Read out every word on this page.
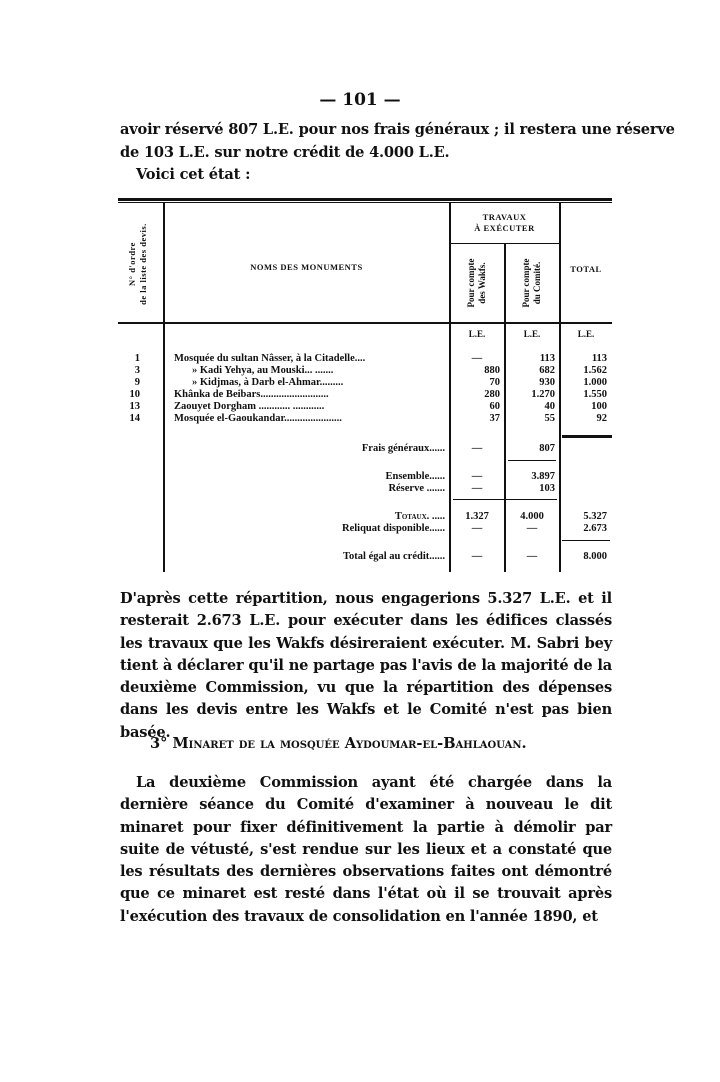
— 101 —
avoir réservé 807 L.E. pour nos frais généraux ; il restera une réserve
de 103 L.E. sur notre crédit de 4.000 L.E.
Voici cet état :
N° d'ordre de la liste des devis.	NOMS DES MONUMENTS
TRAVAUX
À EXÉCUTER
Pour compte des Wakfs.	Pour compte du Comité.	TOTAL
L.E.	L.E.	L.E.
1	Mosquée du sultan Nâsser, à la Citadelle....	—	113	113
3	» Kadi Yehya, au Mouski... .......	880	682	1.562
9	» Kidjmas, à Darb el-Ahmar.........	70	930	1.000
10	Khânka de Beibars..........................	280	1.270	1.550
13	Zaouyet Dorgham ............ ............	60	40	100
14	Mosquée el-Gaoukandar......................	37	55	92
Frais généraux......	—	807
Ensemble......	—	3.897
Réserve .......	—	103
Totaux. .....	1.327	4.000	5.327
Reliquat disponible......	—	—	2.673
Total égal au crédit......	—	—	8.000
D'après cette répartition, nous engagerions 5.327 L.E. et il resterait 2.673 L.E. pour exécuter dans les édifices classés les travaux que les Wakfs désireraient exécuter. M. Sabri bey tient à déclarer qu'il ne partage pas l'avis de la majorité de la deuxième Commission, vu que la répartition des dépenses dans les devis entre les Wakfs et le Comité n'est pas bien basée.
3° Minaret de la mosquée Aydoumar-el-Bahlaouan.
La deuxième Commission ayant été chargée dans la dernière séance du Comité d'examiner à nouveau le dit minaret pour fixer définitivement la partie à démolir par suite de vétusté, s'est rendue sur les lieux et a constaté que les résultats des dernières observations faites ont démontré que ce minaret est resté dans l'état où il se trouvait après l'exécution des travaux de consolidation en l'année 1890, et
